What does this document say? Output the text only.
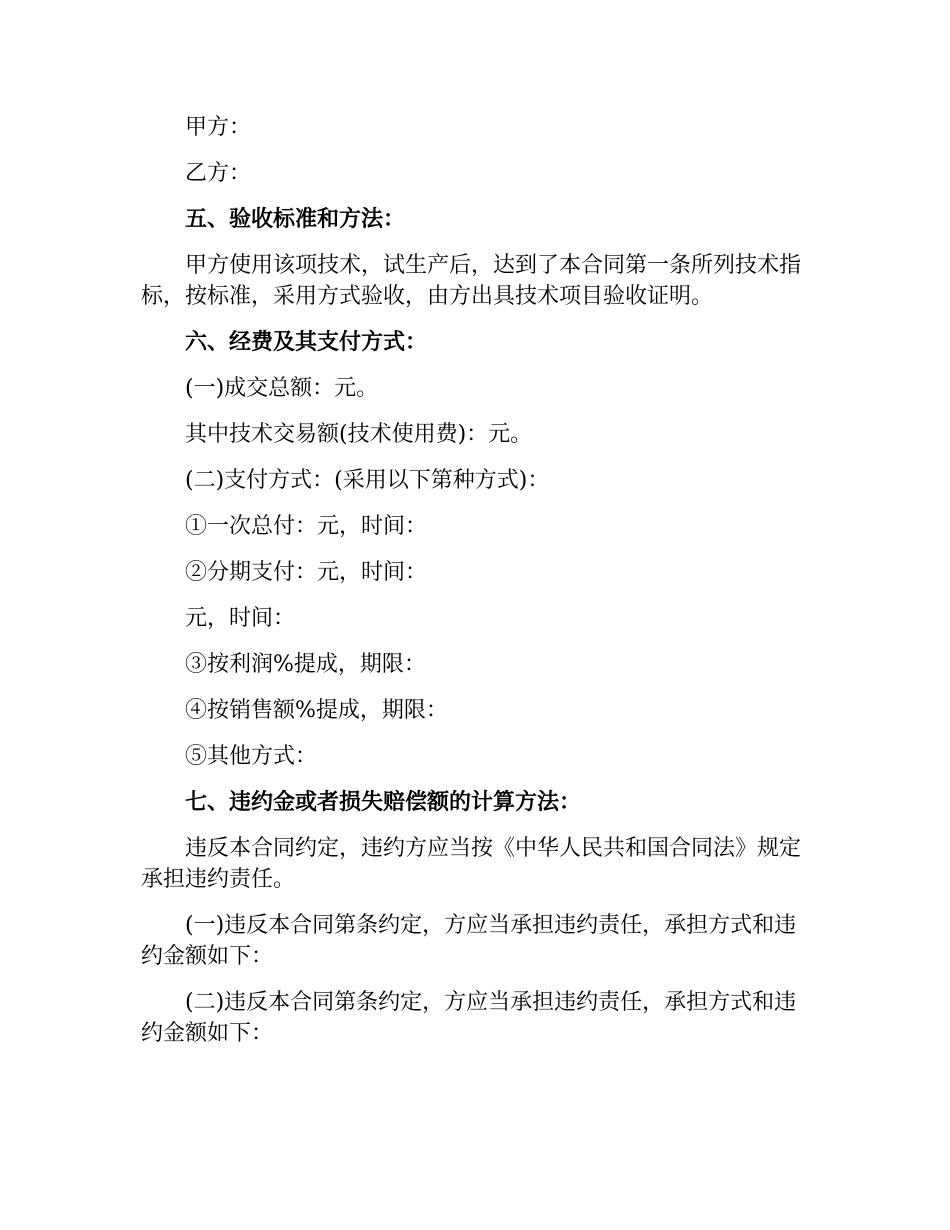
甲方：

乙方：

五、验收标准和方法：

甲方使用该项技术，试生产后，达到了本合同第一条所列技术指标，按标准，采用方式验收，由方出具技术项目验收证明。

六、经费及其支付方式：

(一)成交总额：元。

其中技术交易额(技术使用费)：元。

(二)支付方式：(采用以下第种方式)：

①一次总付：元，时间：

②分期支付：元，时间：

元，时间：

③按利润%提成，期限：

④按销售额%提成，期限：

⑤其他方式：

七、违约金或者损失赔偿额的计算方法：

违反本合同约定，违约方应当按《中华人民共和国合同法》规定承担违约责任。

(一)违反本合同第条约定，方应当承担违约责任，承担方式和违约金额如下：

(二)违反本合同第条约定，方应当承担违约责任，承担方式和违约金额如下：
